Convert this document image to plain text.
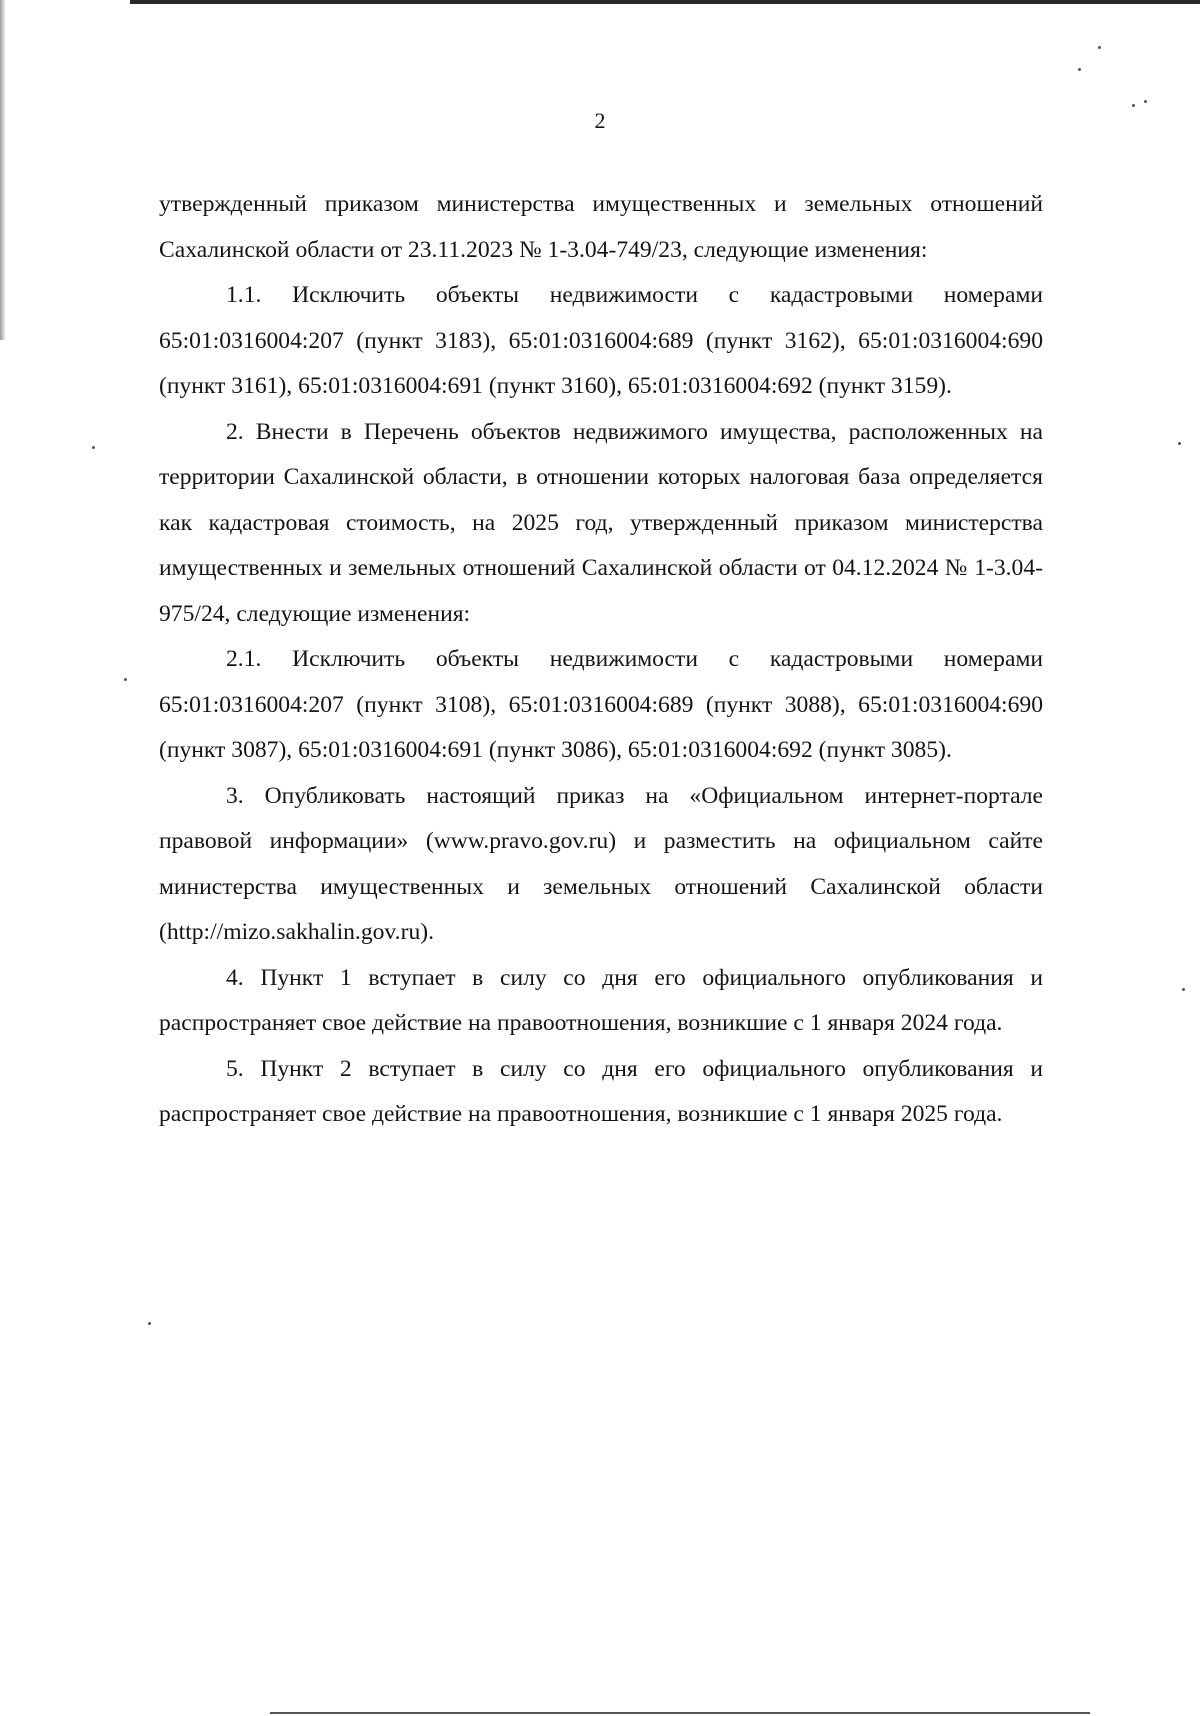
2

утвержденный приказом министерства имущественных и земельных отношений Сахалинской области от 23.11.2023 № 1-3.04-749/23, следующие изменения:

1.1. Исключить объекты недвижимости с кадастровыми номерами 65:01:0316004:207 (пункт 3183), 65:01:0316004:689 (пункт 3162), 65:01:0316004:690 (пункт 3161), 65:01:0316004:691 (пункт 3160), 65:01:0316004:692 (пункт 3159).

2. Внести в Перечень объектов недвижимого имущества, расположенных на территории Сахалинской области, в отношении которых налоговая база определяется как кадастровая стоимость, на 2025 год, утвержденный приказом министерства имущественных и земельных отношений Сахалинской области от 04.12.2024 № 1-3.04-975/24, следующие изменения:

2.1. Исключить объекты недвижимости с кадастровыми номерами 65:01:0316004:207 (пункт 3108), 65:01:0316004:689 (пункт 3088), 65:01:0316004:690 (пункт 3087), 65:01:0316004:691 (пункт 3086), 65:01:0316004:692 (пункт 3085).

3. Опубликовать настоящий приказ на «Официальном интернет-портале правовой информации» (www.pravo.gov.ru) и разместить на официальном сайте министерства имущественных и земельных отношений Сахалинской области (http://mizo.sakhalin.gov.ru).

4. Пункт 1 вступает в силу со дня его официального опубликования и распространяет свое действие на правоотношения, возникшие с 1 января 2024 года.

5. Пункт 2 вступает в силу со дня его официального опубликования и распространяет свое действие на правоотношения, возникшие с 1 января 2025 года.
